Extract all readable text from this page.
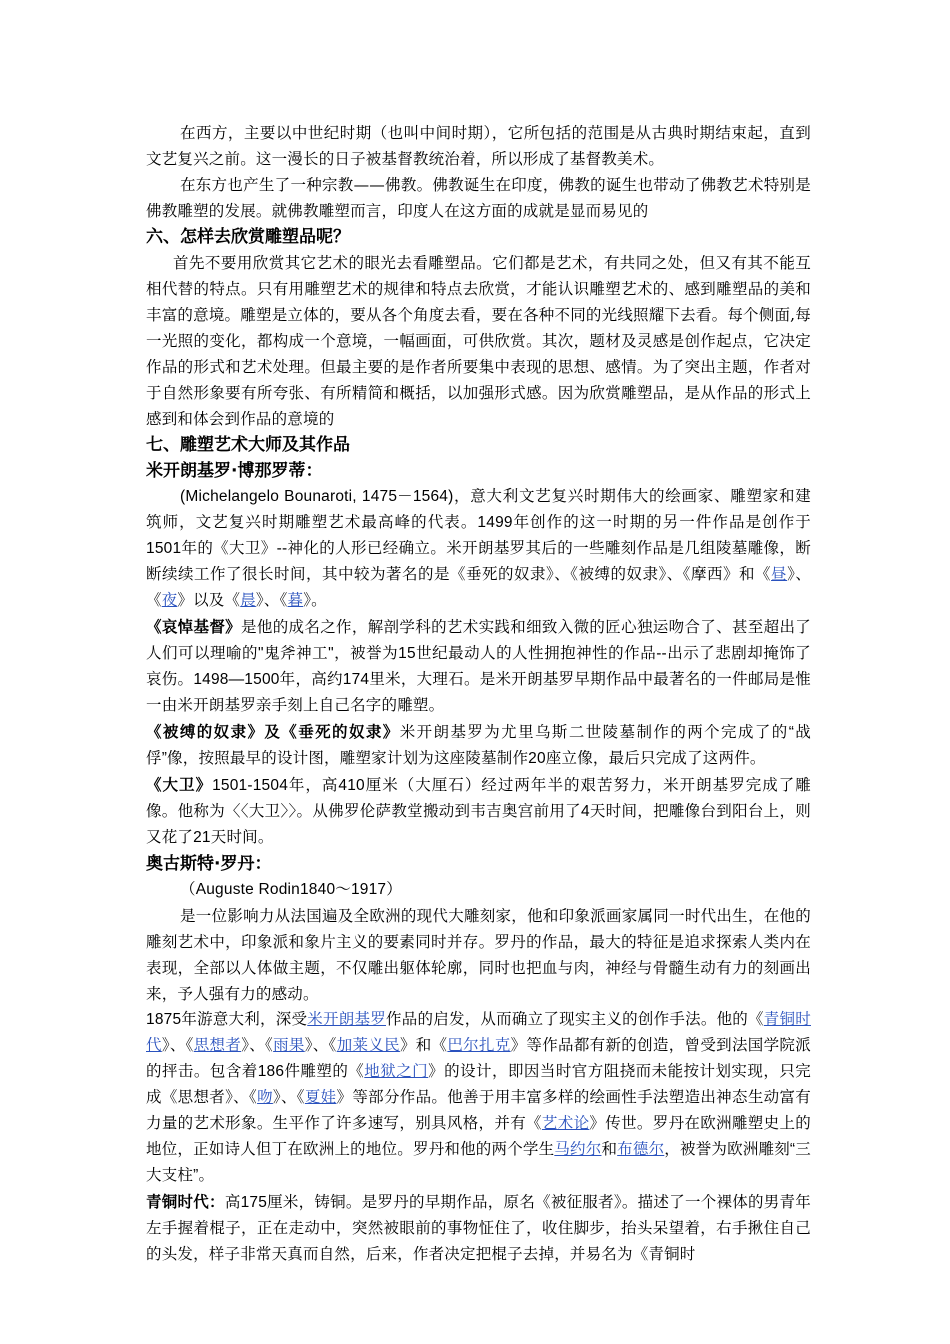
在西方，主要以中世纪时期（也叫中间时期），它所包括的范围是从古典时期结束起，直到文艺复兴之前。这一漫长的日子被基督教统治着，所以形成了基督教美术。

在东方也产生了一种宗教——佛教。佛教诞生在印度，佛教的诞生也带动了佛教艺术特别是佛教雕塑的发展。就佛教雕塑而言，印度人在这方面的成就是显而易见的

六、怎样去欣赏雕塑品呢？

首先不要用欣赏其它艺术的眼光去看雕塑品。它们都是艺术，有共同之处，但又有其不能互相代替的特点。只有用雕塑艺术的规律和特点去欣赏，才能认识雕塑艺术的、感到雕塑品的美和丰富的意境。雕塑是立体的，要从各个角度去看，要在各种不同的光线照耀下去看。每个侧面,每一光照的变化，都构成一个意境，一幅画面，可供欣赏。其次，题材及灵感是创作起点，它决定作品的形式和艺术处理。但最主要的是作者所要集中表现的思想、感情。为了突出主题，作者对于自然形象要有所夸张、有所精简和概括，以加强形式感。因为欣赏雕塑品，是从作品的形式上感到和体会到作品的意境的

七、雕塑艺术大师及其作品
米开朗基罗·博那罗蒂：

(Michelangelo Bounaroti, 1475－1564)，意大利文艺复兴时期伟大的绘画家、雕塑家和建筑师，文艺复兴时期雕塑艺术最高峰的代表。1499年创作的这一时期的另一件作品是创作于1501年的《大卫》--神化的人形已经确立。米开朗基罗其后的一些雕刻作品是几组陵墓雕像，断断续续工作了很长时间，其中较为著名的是《垂死的奴隶》、《被缚的奴隶》、《摩西》和《昼》、《夜》以及《晨》、《暮》。

《哀悼基督》是他的成名之作，解剖学科的艺术实践和细致入微的匠心独运吻合了、甚至超出了人们可以理喻的"鬼斧神工"，被誉为15世纪最动人的人性拥抱神性的作品--出示了悲剧却掩饰了哀伤。1498—1500年，高约174里米，大理石。是米开朗基罗早期作品中最著名的一件邮局是惟一由米开朗基罗亲手刻上自己名字的雕塑。

《被缚的奴隶》及《垂死的奴隶》米开朗基罗为尤里乌斯二世陵墓制作的两个完成了的“战俘”像，按照最早的设计图，雕塑家计划为这座陵墓制作20座立像，最后只完成了这两件。

《大卫》1501-1504年，高410厘米（大厘石）经过两年半的艰苦努力，米开朗基罗完成了雕像。他称为〈〈大卫〉〉。从佛罗伦萨教堂搬动到韦吉奥宫前用了4天时间，把雕像台到阳台上，则又花了21天时间。

奥古斯特·罗丹：

（Auguste Rodin1840～1917）

是一位影响力从法国遍及全欧洲的现代大雕刻家，他和印象派画家属同一时代出生，在他的雕刻艺术中，印象派和象片主义的要素同时并存。罗丹的作品，最大的特征是追求探索人类内在表现，全部以人体做主题，不仅雕出躯体轮廓，同时也把血与肉，神经与骨髓生动有力的刻画出来，予人强有力的感动。

1875年游意大利，深受米开朗基罗作品的启发，从而确立了现实主义的创作手法。他的《青铜时代》、《思想者》、《雨果》、《加莱义民》和《巴尔扎克》等作品都有新的创造，曾受到法国学院派的抨击。包含着186件雕塑的《地狱之门》的设计，即因当时官方阻挠而未能按计划实现，只完成《思想者》、《吻》、《夏娃》等部分作品。他善于用丰富多样的绘画性手法塑造出神态生动富有力量的艺术形象。生平作了许多速写，别具风格，并有《艺术论》传世。罗丹在欧洲雕塑史上的地位，正如诗人但丁在欧洲上的地位。罗丹和他的两个学生马约尔和布德尔，被誉为欧洲雕刻“三大支柱”。

青铜时代：高175厘米，铸铜。是罗丹的早期作品，原名《被征服者》。描述了一个裸体的男青年左手握着棍子，正在走动中，突然被眼前的事物怔住了，收住脚步，抬头呆望着，右手揪住自己的头发，样子非常天真而自然，后来，作者决定把棍子去掉，并易名为《青铜时
